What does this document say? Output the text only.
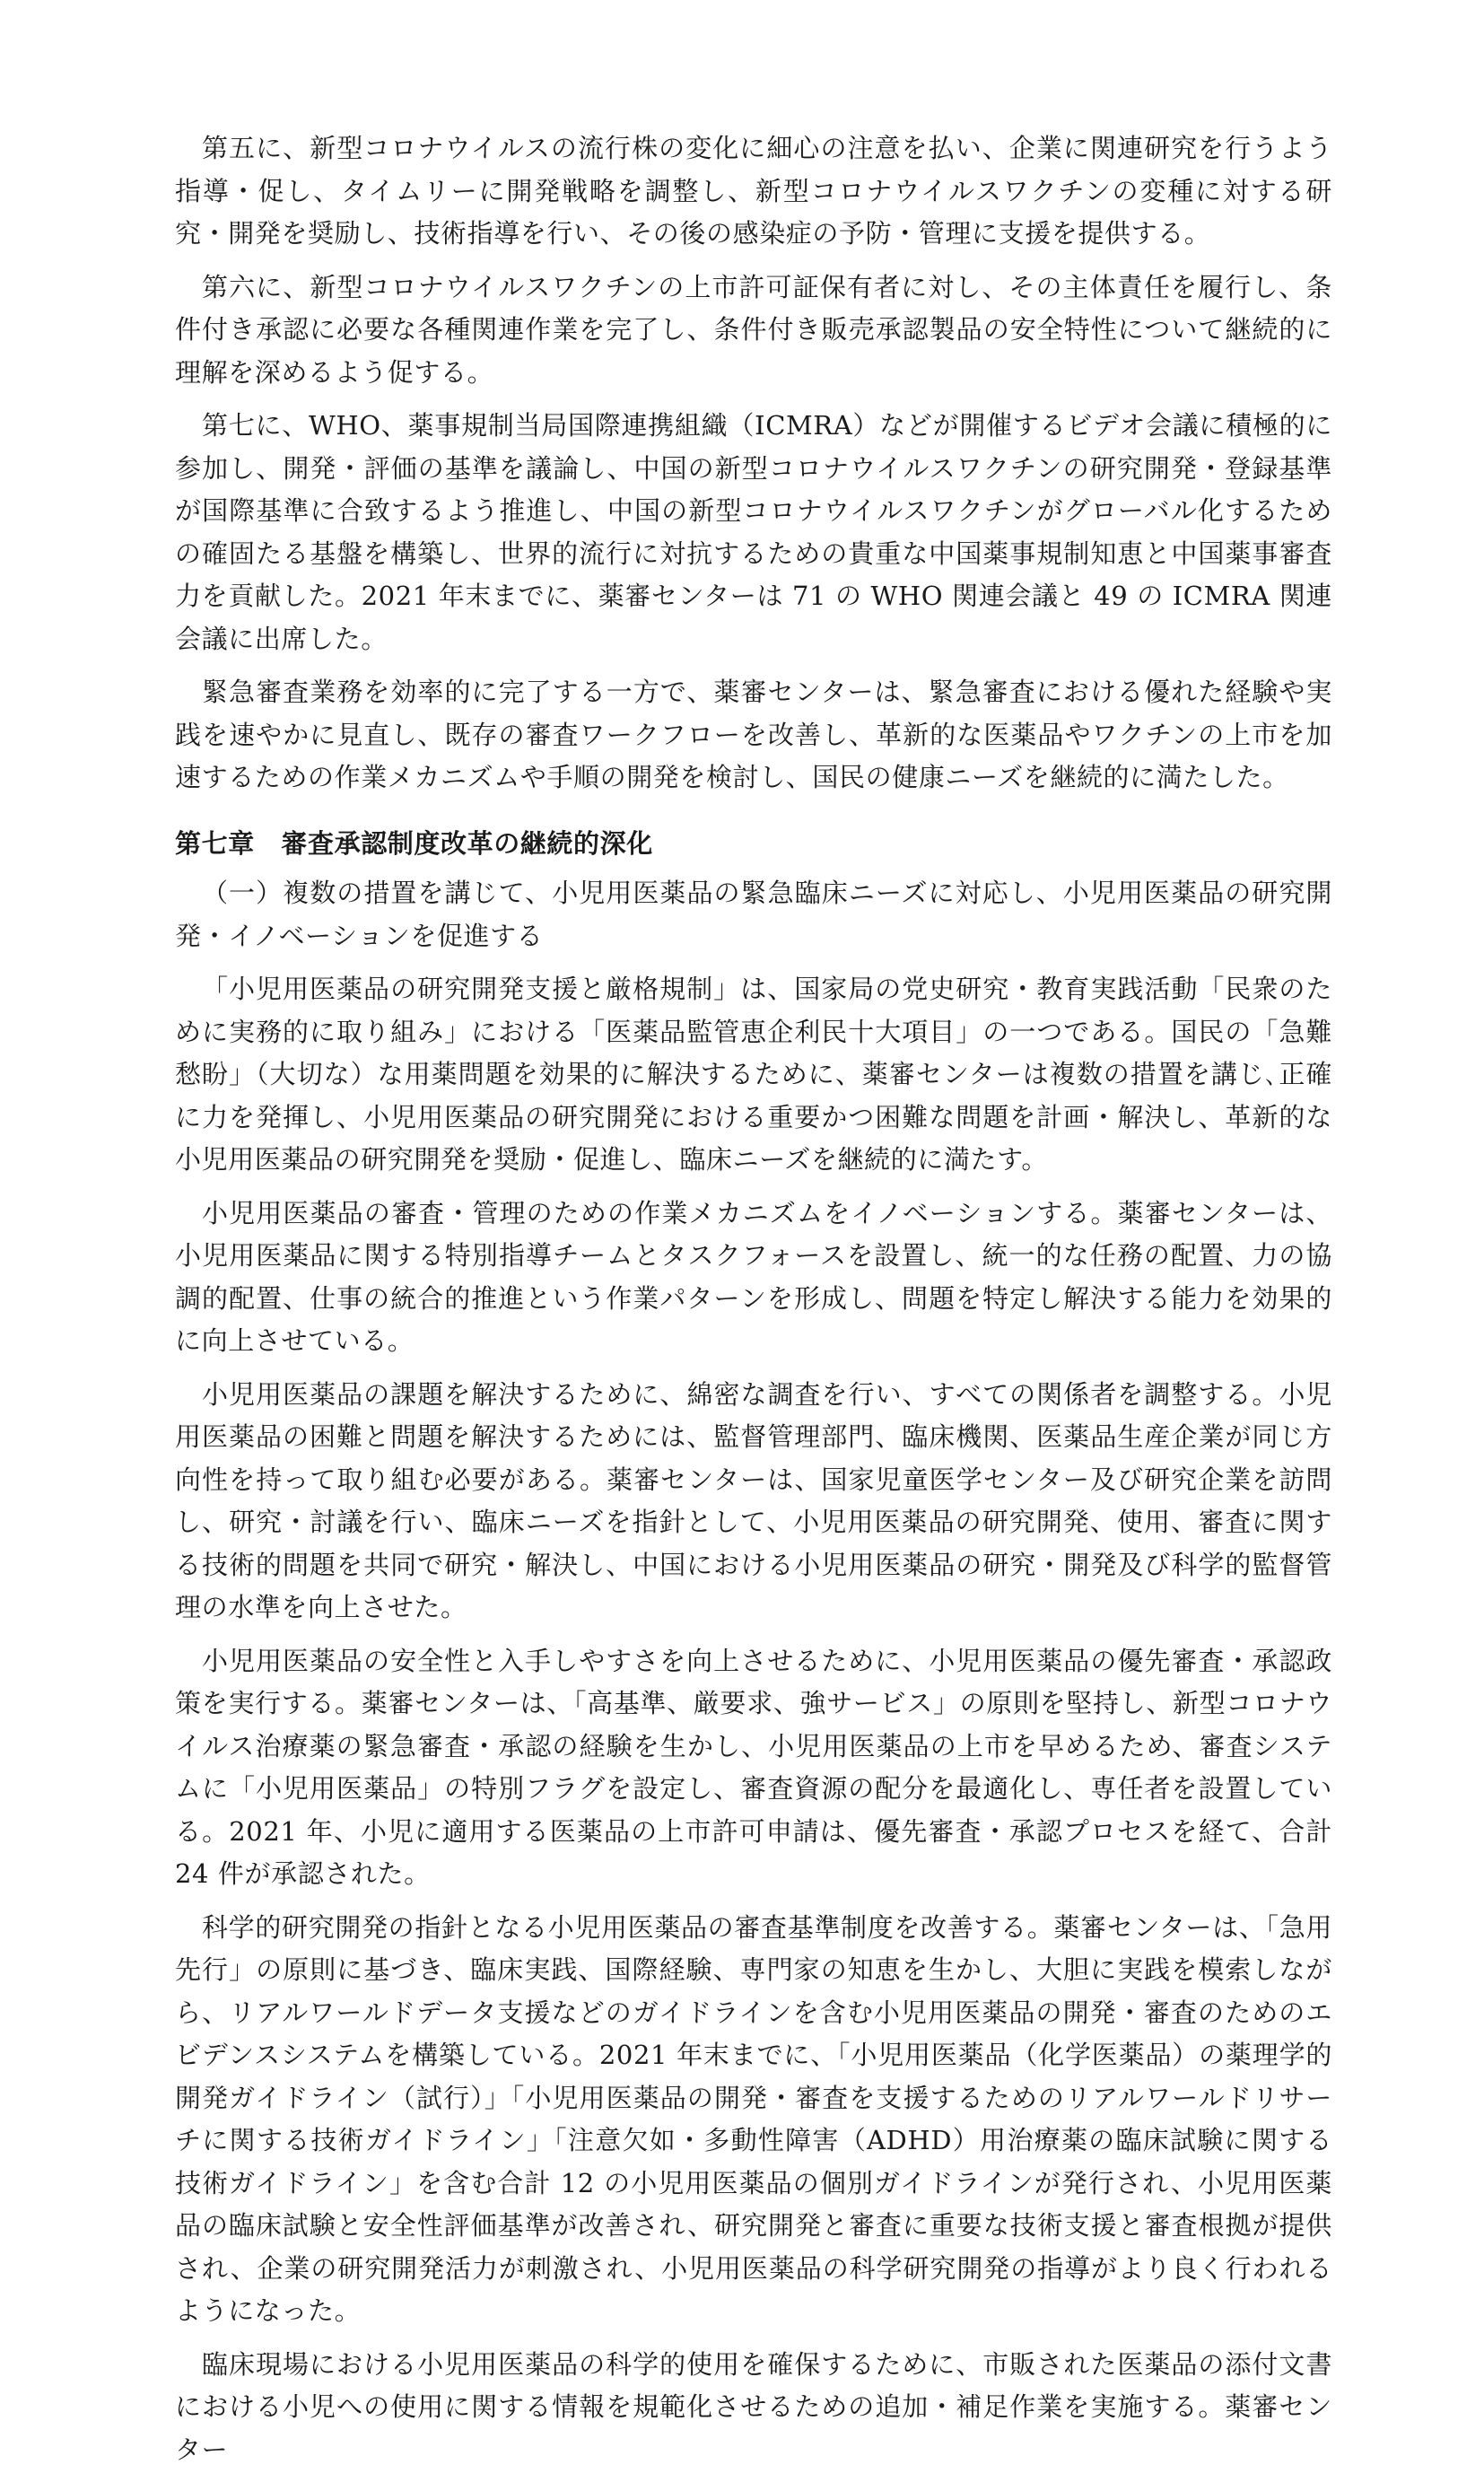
第五に、新型コロナウイルスの流行株の変化に細心の注意を払い、企業に関連研究を行うよう指導・促し、タイムリーに開発戦略を調整し、新型コロナウイルスワクチンの変種に対する研究・開発を奨励し、技術指導を行い、その後の感染症の予防・管理に支援を提供する。

第六に、新型コロナウイルスワクチンの上市許可証保有者に対し、その主体責任を履行し、条件付き承認に必要な各種関連作業を完了し、条件付き販売承認製品の安全特性について継続的に理解を深めるよう促する。

第七に、WHO、薬事規制当局国際連携組織（ICMRA）などが開催するビデオ会議に積極的に参加し、開発・評価の基準を議論し、中国の新型コロナウイルスワクチンの研究開発・登録基準が国際基準に合致するよう推進し、中国の新型コロナウイルスワクチンがグローバル化するための確固たる基盤を構築し、世界的流行に対抗するための貴重な中国薬事規制知恵と中国薬事審査力を貢献した。2021 年末までに、薬審センターは 71 の WHO 関連会議と 49 の ICMRA 関連会議に出席した。

緊急審査業務を効率的に完了する一方で、薬審センターは、緊急審査における優れた経験や実践を速やかに見直し、既存の審査ワークフローを改善し、革新的な医薬品やワクチンの上市を加速するための作業メカニズムや手順の開発を検討し、国民の健康ニーズを継続的に満たした。

第七章　審査承認制度改革の継続的深化

（一）複数の措置を講じて、小児用医薬品の緊急臨床ニーズに対応し、小児用医薬品の研究開発・イノベーションを促進する

「小児用医薬品の研究開発支援と厳格規制」は、国家局の党史研究・教育実践活動「民衆のために実務的に取り組み」における「医薬品監管恵企利民十大項目」の一つである。国民の「急難愁盼」（大切な）な用薬問題を効果的に解決するために、薬審センターは複数の措置を講じ､正確に力を発揮し、小児用医薬品の研究開発における重要かつ困難な問題を計画・解決し、革新的な小児用医薬品の研究開発を奨励・促進し、臨床ニーズを継続的に満たす。

小児用医薬品の審査・管理のための作業メカニズムをイノベーションする。薬審センターは、小児用医薬品に関する特別指導チームとタスクフォースを設置し、統一的な任務の配置、力の協調的配置、仕事の統合的推進という作業パターンを形成し、問題を特定し解決する能力を効果的に向上させている。

小児用医薬品の課題を解決するために、綿密な調査を行い、すべての関係者を調整する。小児用医薬品の困難と問題を解決するためには、監督管理部門、臨床機関、医薬品生産企業が同じ方向性を持って取り組む必要がある。薬審センターは、国家児童医学センター及び研究企業を訪問し、研究・討議を行い、臨床ニーズを指針として、小児用医薬品の研究開発、使用、審査に関する技術的問題を共同で研究・解決し、中国における小児用医薬品の研究・開発及び科学的監督管理の水準を向上させた。

小児用医薬品の安全性と入手しやすさを向上させるために、小児用医薬品の優先審査・承認政策を実行する。薬審センターは、「高基準、厳要求、強サービス」の原則を堅持し、新型コロナウイルス治療薬の緊急審査・承認の経験を生かし、小児用医薬品の上市を早めるため、審査システムに「小児用医薬品」の特別フラグを設定し、審査資源の配分を最適化し、専任者を設置している。2021 年、小児に適用する医薬品の上市許可申請は、優先審査・承認プロセスを経て、合計 24 件が承認された。

科学的研究開発の指針となる小児用医薬品の審査基準制度を改善する。薬審センターは、「急用先行」の原則に基づき、臨床実践、国際経験、専門家の知恵を生かし、大胆に実践を模索しながら、リアルワールドデータ支援などのガイドラインを含む小児用医薬品の開発・審査のためのエビデンスシステムを構築している。2021 年末までに、「小児用医薬品（化学医薬品）の薬理学的開発ガイドライン（試行）」「小児用医薬品の開発・審査を支援するためのリアルワールドリサーチに関する技術ガイドライン」「注意欠如・多動性障害（ADHD）用治療薬の臨床試験に関する技術ガイドライン」を含む合計 12 の小児用医薬品の個別ガイドラインが発行され、小児用医薬品の臨床試験と安全性評価基準が改善され、研究開発と審査に重要な技術支援と審査根拠が提供され、企業の研究開発活力が刺激され、小児用医薬品の科学研究開発の指導がより良く行われるようになった。

臨床現場における小児用医薬品の科学的使用を確保するために、市販された医薬品の添付文書における小児への使用に関する情報を規範化させるための追加・補足作業を実施する。薬審センター
